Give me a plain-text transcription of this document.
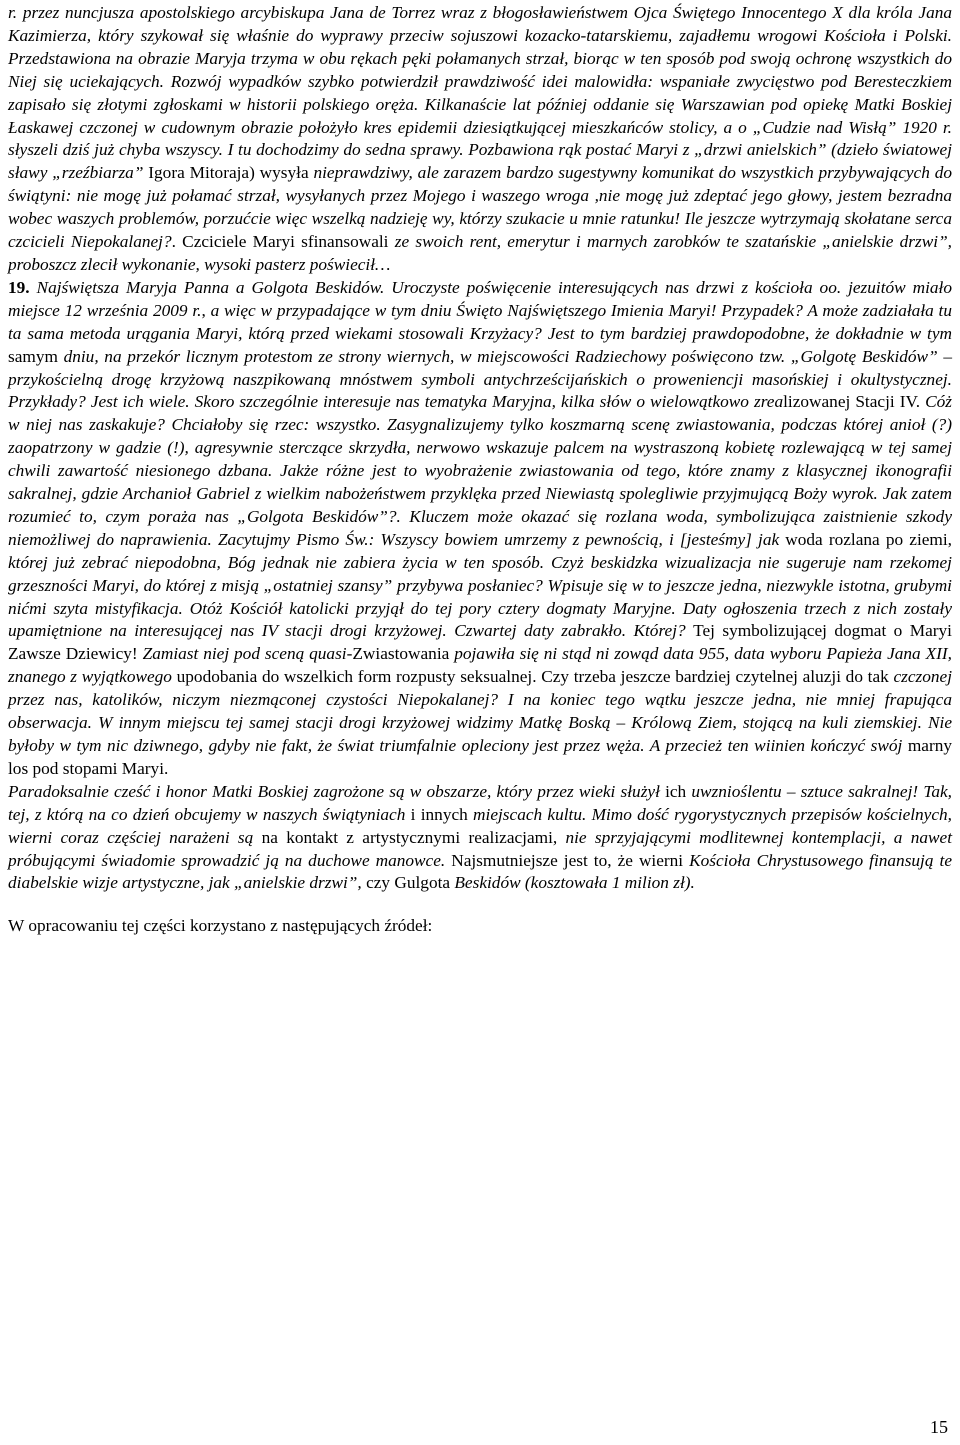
r. przez nuncjusza apostolskiego arcybiskupa Jana de Torrez wraz z błogosławieństwem Ojca Świętego Innocentego X dla króla Jana Kazimierza, który szykował się właśnie do wyprawy przeciw sojuszowi kozacko-tatarskiemu, zajadłemu wrogowi Kościoła i Polski. Przedstawiona na obrazie Maryja trzyma w obu rękach pęki połamanych strzał, biorąc w ten sposób pod swoją ochronę wszystkich do Niej się uciekających. Rozwój wypadków szybko potwierdził prawdziwość idei malowidła: wspaniałe zwycięstwo pod Beresteczkiem zapisało się złotymi zgłoskami w historii polskiego oręża. Kilkanaście lat później oddanie się Warszawian pod opiekę Matki Boskiej Łaskawej czczonej w cudownym obrazie położyło kres epidemii dziesiątkującej mieszkańców stolicy, a o „Cudzie nad Wisłą” 1920 r. słyszeli dziś już chyba wszyscy. I tu dochodzimy do sedna sprawy. Pozbawiona rąk postać Maryi z „drzwi anielskich” (dzieło światowej sławy „rzeźbiarza” Igora Mitoraja) wysyła nieprawdziwy, ale zarazem bardzo sugestywny komunikat do wszystkich przybywających do świątyni: nie mogę już połamać strzał, wysyłanych przez Mojego i waszego wroga ,nie mogę już zdeptać jego głowy, jestem bezradna wobec waszych problemów, porzućcie więc wszelką nadzieję wy, którzy szukacie u mnie ratunku! Ile jeszcze wytrzymają skołatane serca czcicieli Niepokalanej?. Czciciele Maryi sfinansowali ze swoich rent, emerytur i marnych zarobków te szatańskie „anielskie drzwi”, proboszcz zlecił wykonanie, wysoki pasterz poświecił…

19. Najświętsza Maryja Panna a Golgota Beskidów. Uroczyste poświęcenie interesujących nas drzwi z kościoła oo. jezuitów miało miejsce 12 września 2009 r., a więc w przypadające w tym dniu Święto Najświętszego Imienia Maryi! Przypadek? A może zadziałała tu ta sama metoda urągania Maryi, którą przed wiekami stosowali Krzyżacy? Jest to tym bardziej prawdopodobne, że dokładnie w tym samym dniu, na przekór licznym protestom ze strony wiernych, w miejscowości Radziechowy poświęcono tzw. „Golgotę Beskidów” – przykościelną drogę krzyżową naszpikowaną mnóstwem symboli antychrześcijańskich o proweniencji masońskiej i okultystycznej. Przykłady? Jest ich wiele. Skoro szczególnie interesuje nas tematyka Maryjna, kilka słów o wielowątkowo zrealizowanej Stacji IV. Cóż w niej nas zaskakuje? Chciałoby się rzec: wszystko. Zasygnalizujemy tylko koszmarną scenę zwiastowania, podczas której anioł (?) zaopatrzony w gadzie (!), agresywnie sterczące skrzydła, nerwowo wskazuje palcem na wystraszoną kobietę rozlewającą w tej samej chwili zawartość niesionego dzbana. Jakże różne jest to wyobrażenie zwiastowania od tego, które znamy z klasycznej ikonografii sakralnej, gdzie Archanioł Gabriel z wielkim nabożeństwem przyklęka przed Niewiastą spolegliwie przyjmującą Boży wyrok. Jak zatem rozumieć to, czym poraża nas „Golgota Beskidów”?. Kluczem może okazać się rozlana woda, symbolizująca zaistnienie szkody niemożliwej do naprawienia. Zacytujmy Pismo Św.: Wszyscy bowiem umrzemy z pewnością, i [jesteśmy] jak woda rozlana po ziemi, której już zebrać niepodobna, Bóg jednak nie zabiera życia w ten sposób. Czyż beskidzka wizualizacja nie sugeruje nam rzekomej grzeszności Maryi, do której z misją „ostatniej szansy” przybywa posłaniec? Wpisuje się w to jeszcze jedna, niezwykle istotna, grubymi nićmi szyta mistyfikacja. Otóż Kościół katolicki przyjął do tej pory cztery dogmaty Maryjne. Daty ogłoszenia trzech z nich zostały upamiętnione na interesującej nas IV stacji drogi krzyżowej. Czwartej daty zabrakło. Której? Tej symbolizującej dogmat o Maryi Zawsze Dziewicy! Zamiast niej pod sceną quasi-Zwiastowania pojawiła się ni stąd ni zowąd data 955, data wyboru Papieża Jana XII, znanego z wyjątkowego upodobania do wszelkich form rozpusty seksualnej. Czy trzeba jeszcze bardziej czytelnej aluzji do tak czczonej przez nas, katolików, niczym niezmąconej czystości Niepokalanej? I na koniec tego wątku jeszcze jedna, nie mniej frapująca obserwacja. W innym miejscu tej samej stacji drogi krzyżowej widzimy Matkę Boską – Królową Ziem, stojącą na kuli ziemskiej. Nie byłoby w tym nic dziwnego, gdyby nie fakt, że świat triumfalnie opleciony jest przez węża. A przecież ten wiinien kończyć swój marny los pod stopami Maryi.

Paradoksalnie cześć i honor Matki Boskiej zagrożone są w obszarze, który przez wieki służył ich uwznioślentu – sztuce sakralnej! Tak, tej, z którą na co dzień obcujemy w naszych świątyniach i innych miejscach kultu. Mimo dość rygorystycznych przepisów kościelnych, wierni coraz częściej narażeni są na kontakt z artystycznymi realizacjami, nie sprzyjającymi modlitewnej kontemplacji, a nawet próbującymi świadomie sprowadzić ją na duchowe manowce. Najsmutniejsze jest to, że wierni Kościoła Chrystusowego finansują te diabelskie wizje artystyczne, jak „anielskie drzwi”, czy Gulgota Beskidów (kosztowała 1 milion zł).

W opracowaniu tej części korzystano z następujących źródeł:

15
